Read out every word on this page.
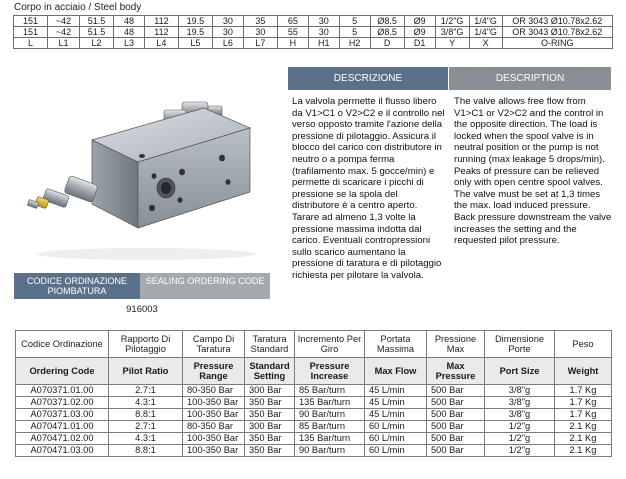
Corpo in acciaio / Steel body
151	~42	51.5	48	112	19.5	30	35	65	30	5	Ø8.5	Ø9	1/2"G	1/4"G	OR 3043 Ø10.78x2.62
151	~42	51.5	48	112	19.5	30	30	55	30	5	Ø8.5	Ø9	3/8"G	1/4"G	OR 3043 Ø10.78x2.62
L	L1	L2	L3	L4	L5	L6	L7	H	H1	H2	D	D1	Y	X	O-RING
DESCRIZIONE	DESCRIPTION
La valvola permette il flusso libero da V1>C1 o V2>C2 e il controllo nel verso opposto tramite l'azione della pressione di pilotaggio. Assicura il blocco del carico con distributore in neutro o a pompa ferma (trafilamento max. 5 gocce/min) e permette di scaricare i picchi di pressione se la spola del distributore è a centro aperto. Tarare ad almeno 1,3 volte la pressione massima indotta dal carico. Eventuali contropressioni sullo scarico aumentano la pressione di taratura e di pilotaggio richiesta per pilotare la valvola.
The valve allows free flow from V1>C1 or V2>C2 and the control in the opposite direction. The load is locked when the spool valve is in neutral position or the pump is not running (max leakage 5 drops/min). Peaks of pressure can be relieved only with open centre spool valves. The valve must be set at 1,3 times the max. load induced pressure. Back pressure downstream the valve increases the setting and the requested pilot pressure.
CODICE ORDINAZIONE PIOMBATURA
SEALING ORDERING CODE
916003
Codice Ordinazione	Rapporto Di Pilotaggio	Campo Di Taratura	Taratura Standard	Incremento Per Giro	Portata Massima	Pressione Max	Dimensione Porte	Peso
Ordering Code	Pilot Ratio	Pressure Range	Standard Setting	Pressure Increase	Max Flow	Max Pressure	Port Size	Weight
A070371.01.00	2.7:1	80-350 Bar	300 Bar	85 Bar/turn	45 L/min	500 Bar	3/8"g	1.7 Kg
A070371.02.00	4.3:1	100-350 Bar	350 Bar	135 Bar/turn	45 L/min	500 Bar	3/8"g	1.7 Kg
A070371.03.00	8.8:1	100-350 Bar	350 Bar	90 Bar/turn	45 L/min	500 Bar	3/8"g	1.7 Kg
A070471.01.00	2.7:1	80-350 Bar	300 Bar	85 Bar/turn	60 L/min	500 Bar	1/2"g	2.1 Kg
A070471.02.00	4.3:1	100-350 Bar	350 Bar	135 Bar/turn	60 L/min	500 Bar	1/2"g	2.1 Kg
A070471.03.00	8.8:1	100-350 Bar	350 Bar	90 Bar/turn	60 L/min	500 Bar	1/2"g	2.1 Kg
